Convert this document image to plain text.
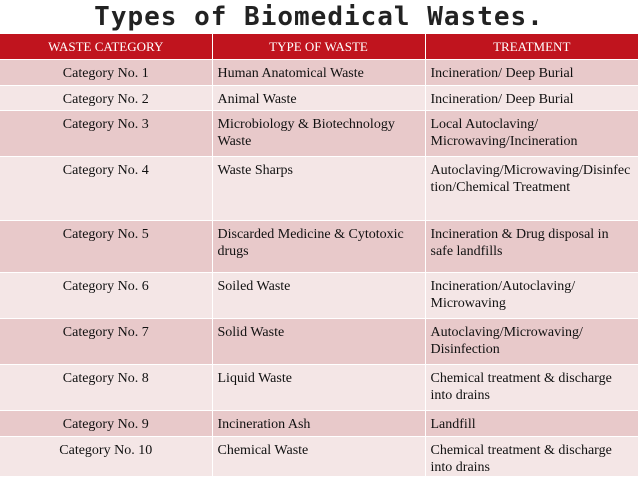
Types of Biomedical Wastes.
WASTE CATEGORY	TYPE OF WASTE	TREATMENT
Category No. 1	Human Anatomical Waste	Incineration/ Deep Burial
Category No. 2	Animal Waste	Incineration/ Deep Burial
Category No. 3	Microbiology & Biotechnology Waste	Local Autoclaving/ Microwaving/Incineration
Category No. 4	Waste Sharps	Autoclaving/Microwaving/Disinfection/Chemical Treatment
Category No. 5	Discarded Medicine & Cytotoxic drugs	Incineration & Drug disposal in safe landfills
Category No. 6	Soiled Waste	Incineration/Autoclaving/ Microwaving
Category No. 7	Solid Waste	Autoclaving/Microwaving/ Disinfection
Category No. 8	Liquid Waste	Chemical treatment & discharge into drains
Category No. 9	Incineration Ash	Landfill
Category No. 10	Chemical Waste	Chemical treatment & discharge into drains
